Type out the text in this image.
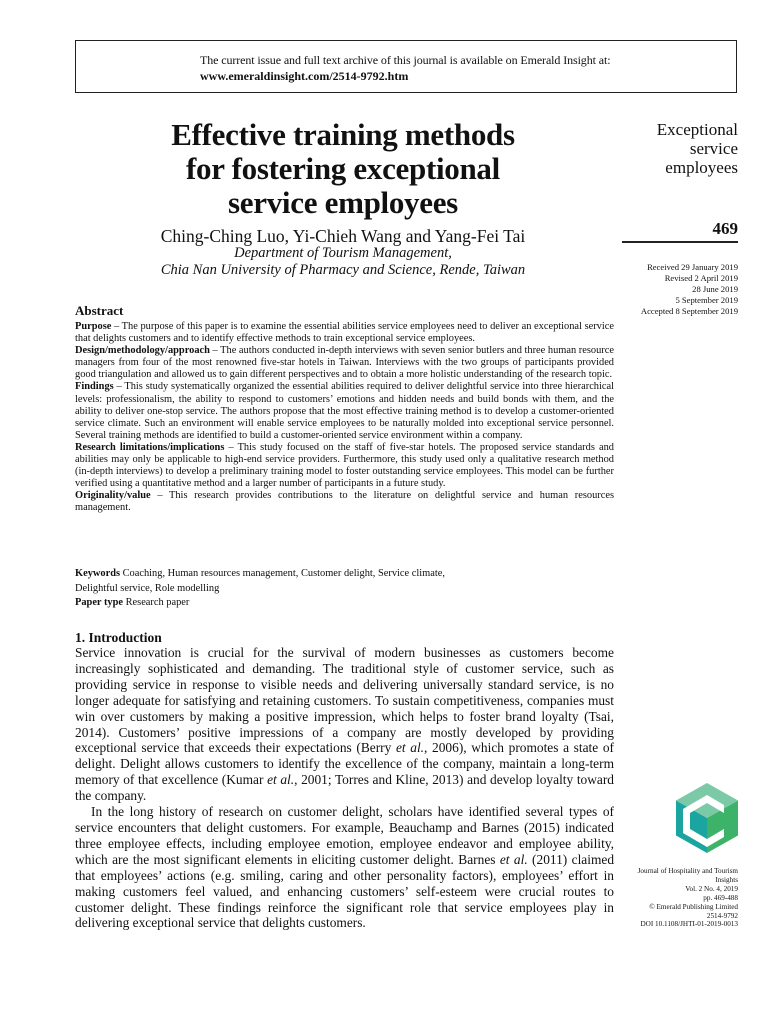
The current issue and full text archive of this journal is available on Emerald Insight at:
www.emeraldinsight.com/2514-9792.htm
Effective training methods
for fostering exceptional
service employees
Ching-Ching Luo, Yi-Chieh Wang and Yang-Fei Tai
Department of Tourism Management,
Chia Nan University of Pharmacy and Science, Rende, Taiwan
Exceptional
service
employees
469
Received 29 January 2019
Revised 2 April 2019
28 June 2019
5 September 2019
Accepted 8 September 2019
Abstract

Purpose – The purpose of this paper is to examine the essential abilities service employees need to deliver an exceptional service that delights customers and to identify effective methods to train exceptional service employees.

Design/methodology/approach – The authors conducted in-depth interviews with seven senior butlers and three human resource managers from four of the most renowned five-star hotels in Taiwan. Interviews with the two groups of participants provided good triangulation and allowed us to gain different perspectives and to obtain a more holistic understanding of the research topic.

Findings – This study systematically organized the essential abilities required to deliver delightful service into three hierarchical levels: professionalism, the ability to respond to customers’ emotions and hidden needs and build bonds with them, and the ability to deliver one-stop service. The authors propose that the most effective training method is to develop a customer-oriented service climate. Such an environment will enable service employees to be naturally molded into exceptional service personnel. Several training methods are identified to build a customer-oriented service environment within a company.

Research limitations/implications – This study focused on the staff of five-star hotels. The proposed service standards and abilities may only be applicable to high-end service providers. Furthermore, this study used only a qualitative research method (in-depth interviews) to develop a preliminary training model to foster outstanding service employees. This model can be further verified using a quantitative method and a larger number of participants in a future study.

Originality/value – This research provides contributions to the literature on delightful service and human resources management.

Keywords Coaching, Human resources management, Customer delight, Service climate,
Delightful service, Role modelling
Paper type Research paper
1. Introduction

Service innovation is crucial for the survival of modern businesses as customers become increasingly sophisticated and demanding. The traditional style of customer service, such as providing service in response to visible needs and delivering universally standard service, is no longer adequate for satisfying and retaining customers. To sustain competitiveness, companies must win over customers by making a positive impression, which helps to foster brand loyalty (Tsai, 2014). Customers’ positive impressions of a company are mostly developed by providing exceptional service that exceeds their expectations (Berry et al., 2006), which promotes a state of delight. Delight allows customers to identify the excellence of the company, maintain a long-term memory of that excellence (Kumar et al., 2001; Torres and Kline, 2013) and develop loyalty toward the company.

In the long history of research on customer delight, scholars have identified several types of service encounters that delight customers. For example, Beauchamp and Barnes (2015) indicated three employee effects, including employee emotion, employee endeavor and employee ability, which are the most significant elements in eliciting customer delight. Barnes et al. (2011) claimed that employees’ actions (e.g. smiling, caring and other personality factors), employees’ effort in making customers feel valued, and enhancing customers’ self-esteem were crucial routes to customer delight. These findings reinforce the significant role that service employees play in delivering exceptional service that delights customers.

Journal of Hospitality and Tourism
Insights
Vol. 2 No. 4, 2019
pp. 469-488
© Emerald Publishing Limited
2514-9792
DOI 10.1108/JHTI-01-2019-0013
